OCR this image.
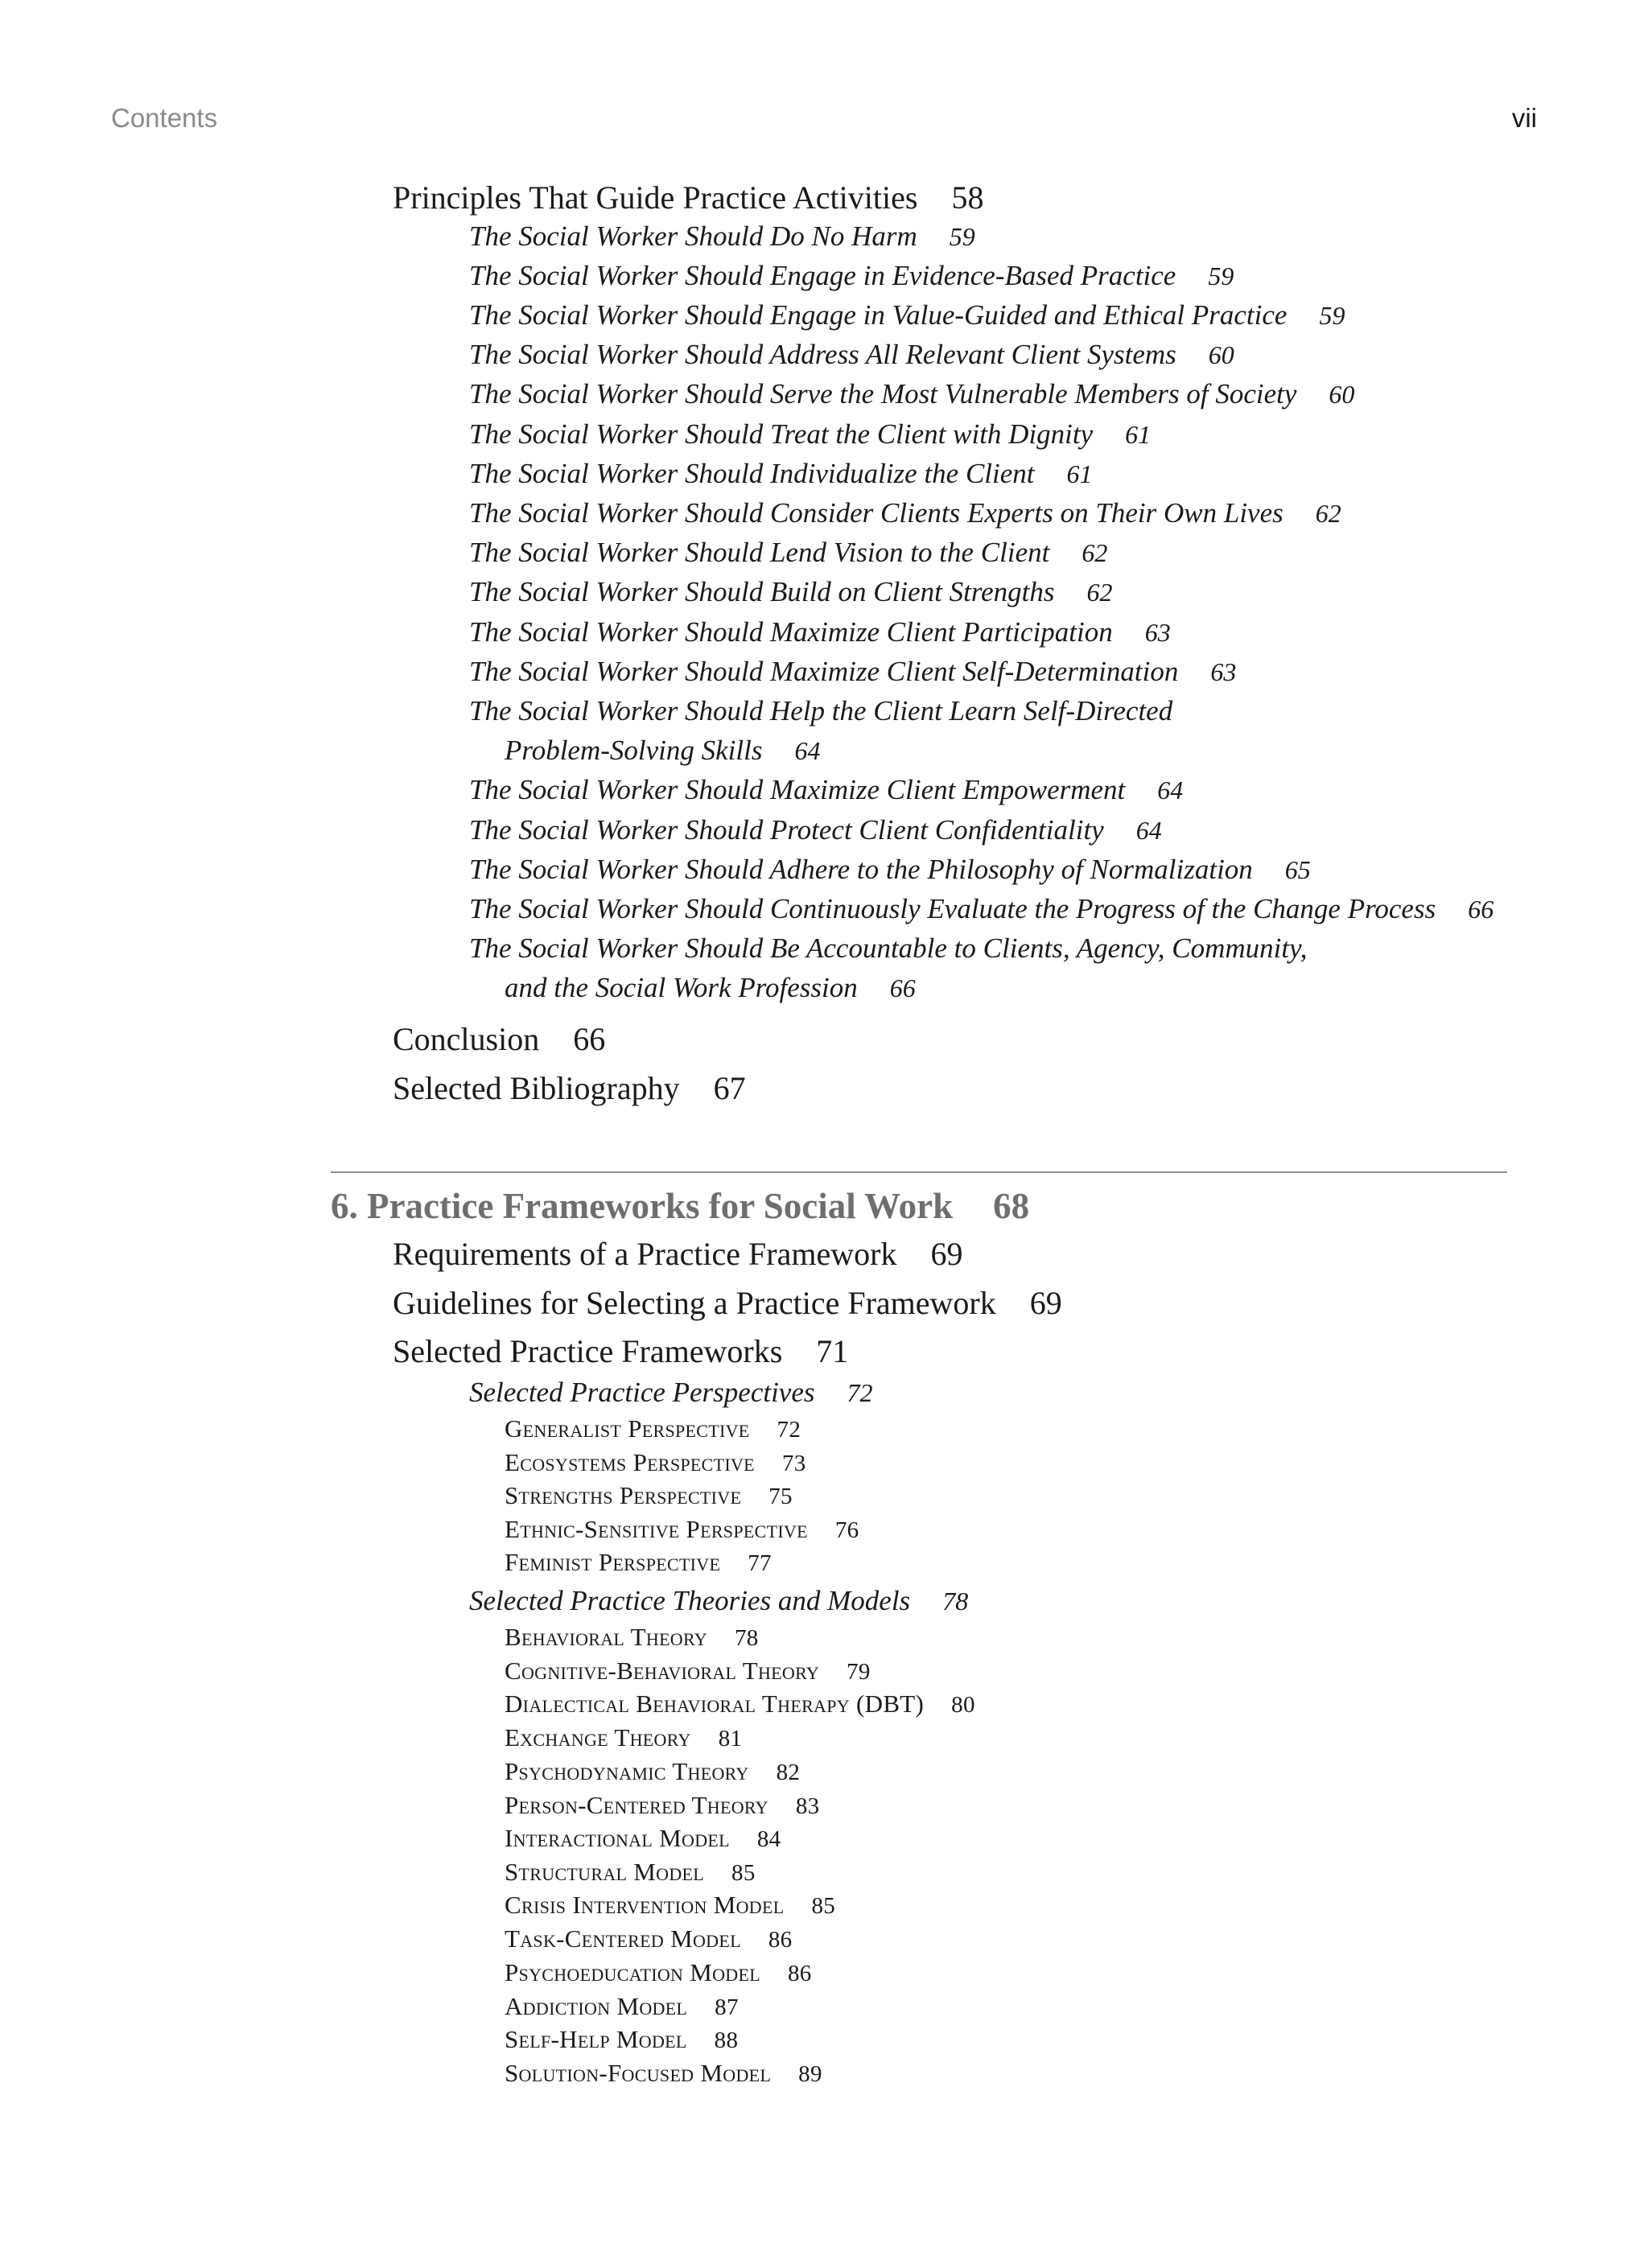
Contents	vii
Principles That Guide Practice Activities 58
The Social Worker Should Do No Harm 59
The Social Worker Should Engage in Evidence-Based Practice 59
The Social Worker Should Engage in Value-Guided and Ethical Practice 59
The Social Worker Should Address All Relevant Client Systems 60
The Social Worker Should Serve the Most Vulnerable Members of Society 60
The Social Worker Should Treat the Client with Dignity 61
The Social Worker Should Individualize the Client 61
The Social Worker Should Consider Clients Experts on Their Own Lives 62
The Social Worker Should Lend Vision to the Client 62
The Social Worker Should Build on Client Strengths 62
The Social Worker Should Maximize Client Participation 63
The Social Worker Should Maximize Client Self-Determination 63
The Social Worker Should Help the Client Learn Self-Directed
Problem-Solving Skills 64
The Social Worker Should Maximize Client Empowerment 64
The Social Worker Should Protect Client Confidentiality 64
The Social Worker Should Adhere to the Philosophy of Normalization 65
The Social Worker Should Continuously Evaluate the Progress of the Change Process 66
The Social Worker Should Be Accountable to Clients, Agency, Community,
and the Social Work Profession 66
Conclusion 66
Selected Bibliography 67
6. Practice Frameworks for Social Work 68
Requirements of a Practice Framework 69
Guidelines for Selecting a Practice Framework 69
Selected Practice Frameworks 71
Selected Practice Perspectives 72
Generalist Perspective 72
Ecosystems Perspective 73
Strengths Perspective 75
Ethnic-Sensitive Perspective 76
Feminist Perspective 77
Selected Practice Theories and Models 78
Behavioral Theory 78
Cognitive-Behavioral Theory 79
Dialectical Behavioral Therapy (DBT) 80
Exchange Theory 81
Psychodynamic Theory 82
Person-Centered Theory 83
Interactional Model 84
Structural Model 85
Crisis Intervention Model 85
Task-Centered Model 86
Psychoeducation Model 86
Addiction Model 87
Self-Help Model 88
Solution-Focused Model 89
